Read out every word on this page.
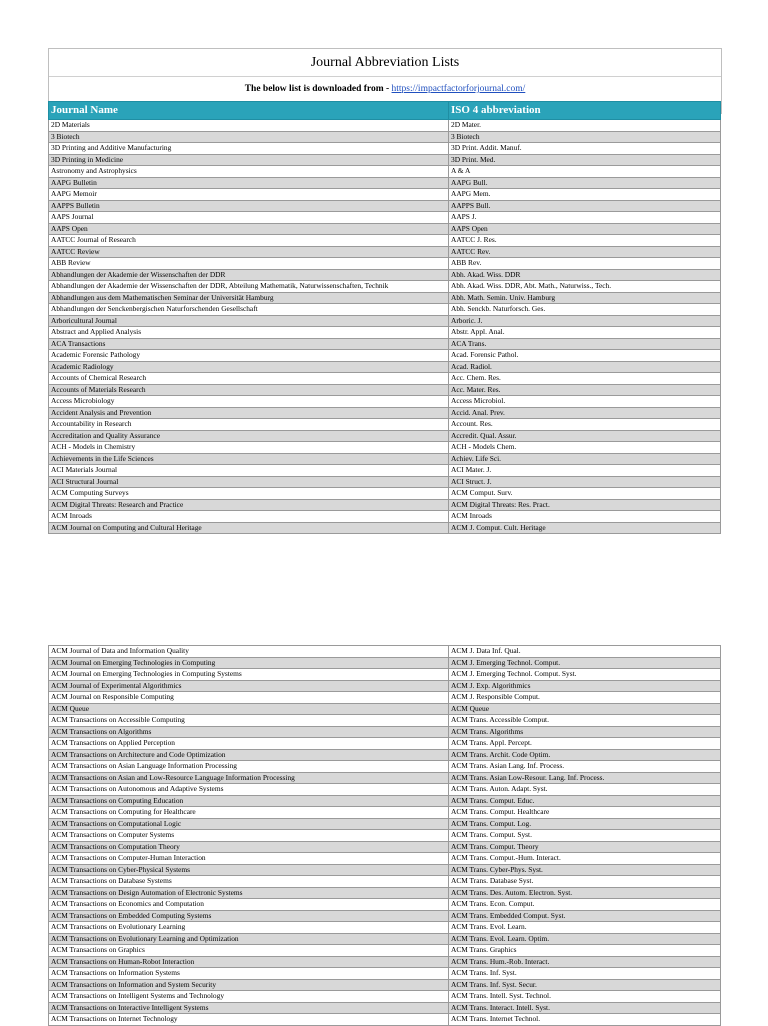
Journal Abbreviation Lists
The below list is downloaded from - https://impactfactorforjournal.com/
Journal Name	ISO 4 abbreviation
2D Materials	2D Mater.
3 Biotech	3 Biotech
3D Printing and Additive Manufacturing	3D Print. Addit. Manuf.
3D Printing in Medicine	3D Print. Med.
Astronomy and Astrophysics	A & A
AAPG Bulletin	AAPG Bull.
AAPG Memoir	AAPG Mem.
AAPPS Bulletin	AAPPS Bull.
AAPS Journal	AAPS J.
AAPS Open	AAPS Open
AATCC Journal of Research	AATCC J. Res.
AATCC Review	AATCC Rev.
ABB Review	ABB Rev.
Abhandlungen der Akademie der Wissenschaften der DDR	Abh. Akad. Wiss. DDR
Abhandlungen der Akademie der Wissenschaften der DDR, Abteilung Mathematik, Naturwissenschaften, Technik	Abh. Akad. Wiss. DDR, Abt. Math., Naturwiss., Tech.
Abhandlungen aus dem Mathematischen Seminar der Universität Hamburg	Abh. Math. Semin. Univ. Hamburg
Abhandlungen der Senckenbergischen Naturforschenden Gesellschaft	Abh. Senckb. Naturforsch. Ges.
Arboricultural Journal	Arboric. J.
Abstract and Applied Analysis	Abstr. Appl. Anal.
ACA Transactions	ACA Trans.
Academic Forensic Pathology	Acad. Forensic Pathol.
Academic Radiology	Acad. Radiol.
Accounts of Chemical Research	Acc. Chem. Res.
Accounts of Materials Research	Acc. Mater. Res.
Access Microbiology	Access Microbiol.
Accident Analysis and Prevention	Accid. Anal. Prev.
Accountability in Research	Account. Res.
Accreditation and Quality Assurance	Accredit. Qual. Assur.
ACH - Models in Chemistry	ACH - Models Chem.
Achievements in the Life Sciences	Achiev. Life Sci.
ACI Materials Journal	ACI Mater. J.
ACI Structural Journal	ACI Struct. J.
ACM Computing Surveys	ACM Comput. Surv.
ACM Digital Threats: Research and Practice	ACM Digital Threats: Res. Pract.
ACM Inroads	ACM Inroads
ACM Journal on Computing and Cultural Heritage	ACM J. Comput. Cult. Heritage
ACM Journal of Data and Information Quality	ACM J. Data Inf. Qual.
ACM Journal on Emerging Technologies in Computing	ACM J. Emerging Technol. Comput.
ACM Journal on Emerging Technologies in Computing Systems	ACM J. Emerging Technol. Comput. Syst.
ACM Journal of Experimental Algorithmics	ACM J. Exp. Algorithmics
ACM Journal on Responsible Computing	ACM J. Responsible Comput.
ACM Queue	ACM Queue
ACM Transactions on Accessible Computing	ACM Trans. Accessible Comput.
ACM Transactions on Algorithms	ACM Trans. Algorithms
ACM Transactions on Applied Perception	ACM Trans. Appl. Percept.
ACM Transactions on Architecture and Code Optimization	ACM Trans. Archit. Code Optim.
ACM Transactions on Asian Language Information Processing	ACM Trans. Asian Lang. Inf. Process.
ACM Transactions on Asian and Low-Resource Language Information Processing	ACM Trans. Asian Low-Resour. Lang. Inf. Process.
ACM Transactions on Autonomous and Adaptive Systems	ACM Trans. Auton. Adapt. Syst.
ACM Transactions on Computing Education	ACM Trans. Comput. Educ.
ACM Transactions on Computing for Healthcare	ACM Trans. Comput. Healthcare
ACM Transactions on Computational Logic	ACM Trans. Comput. Log.
ACM Transactions on Computer Systems	ACM Trans. Comput. Syst.
ACM Transactions on Computation Theory	ACM Trans. Comput. Theory
ACM Transactions on Computer-Human Interaction	ACM Trans. Comput.-Hum. Interact.
ACM Transactions on Cyber-Physical Systems	ACM Trans. Cyber-Phys. Syst.
ACM Transactions on Database Systems	ACM Trans. Database Syst.
ACM Transactions on Design Automation of Electronic Systems	ACM Trans. Des. Autom. Electron. Syst.
ACM Transactions on Economics and Computation	ACM Trans. Econ. Comput.
ACM Transactions on Embedded Computing Systems	ACM Trans. Embedded Comput. Syst.
ACM Transactions on Evolutionary Learning	ACM Trans. Evol. Learn.
ACM Transactions on Evolutionary Learning and Optimization	ACM Trans. Evol. Learn. Optim.
ACM Transactions on Graphics	ACM Trans. Graphics
ACM Transactions on Human-Robot Interaction	ACM Trans. Hum.-Rob. Interact.
ACM Transactions on Information Systems	ACM Trans. Inf. Syst.
ACM Transactions on Information and System Security	ACM Trans. Inf. Syst. Secur.
ACM Transactions on Intelligent Systems and Technology	ACM Trans. Intell. Syst. Technol.
ACM Transactions on Interactive Intelligent Systems	ACM Trans. Interact. Intell. Syst.
ACM Transactions on Internet Technology	ACM Trans. Internet Technol.
